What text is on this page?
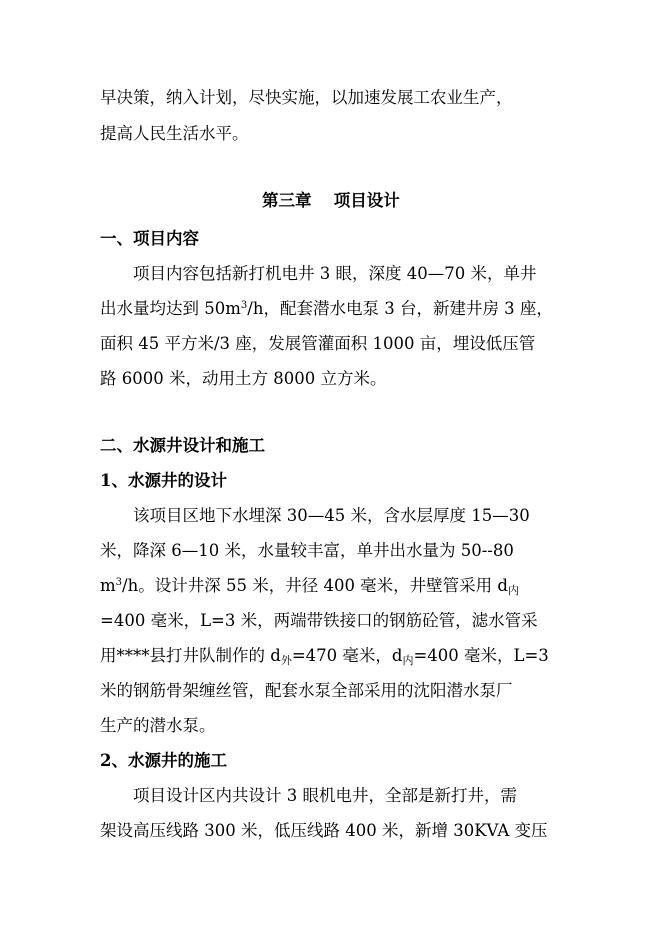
早决策，纳入计划，尽快实施，以加速发展工农业生产，
提高人民生活水平。
第三章　 项目设计
一、项目内容
项目内容包括新打机电井 3 眼，深度 40—70 米，单井
出水量均达到 $50m^3/h$，配套潜水电泵 3 台，新建井房 3 座，
面积 45 平方米/3 座，发展管灌面积 1000 亩，埋设低压管
路 6000 米，动用土方 8000 立方米。
二、水源井设计和施工
1、水源井的设计
该项目区地下水埋深 30—45 米，含水层厚度 15—30
米，降深 6—10 米，水量较丰富，单井出水量为 50--80
$m^3/h$。设计井深 55 米，井径 400 毫米，井壁管采用 d内
=400 毫米，L=3 米，两端带铁接口的钢筋砼管，滤水管采
用****县打井队制作的 d外=470 毫米，d内=400 毫米，L=3
米的钢筋骨架缠丝管，配套水泵全部采用的沈阳潜水泵厂
生产的潜水泵。
2、水源井的施工
项目设计区内共设计 3 眼机电井，全部是新打井，需
架设高压线路 300 米，低压线路 400 米，新增 30KVA 变压
